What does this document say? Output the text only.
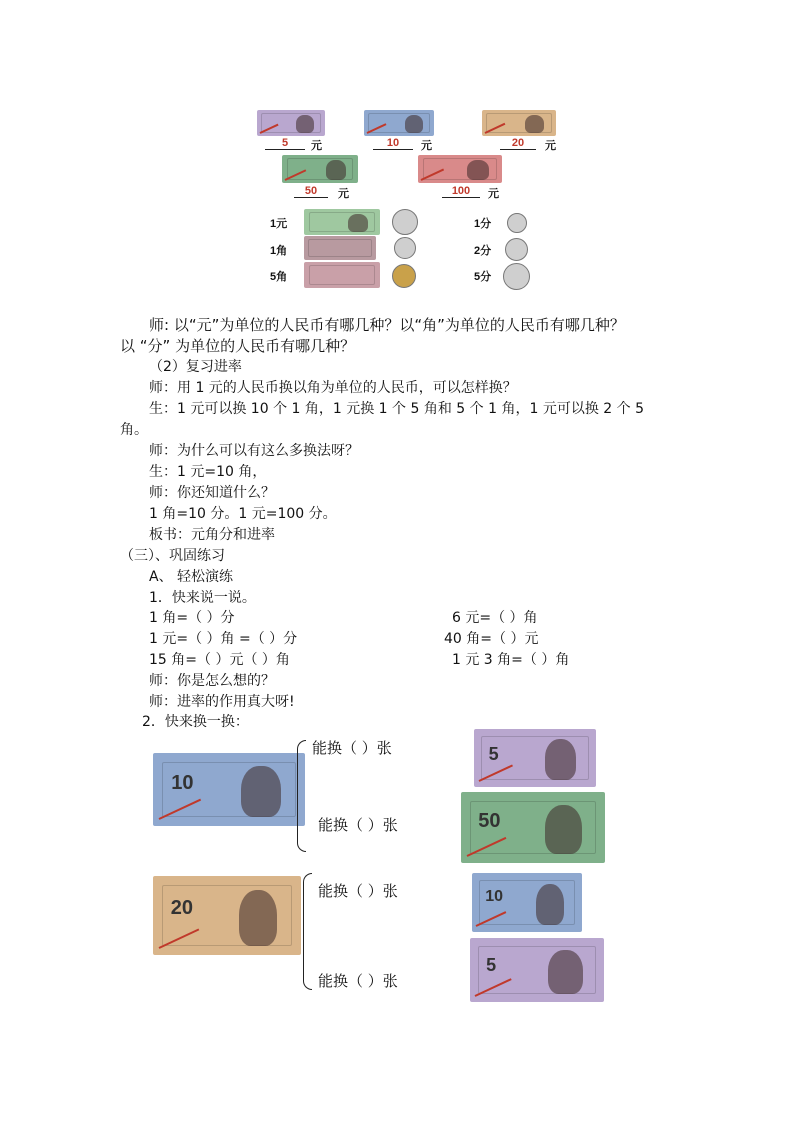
5	元	10	元	20	元
50	元	100	元
1元
1角
5角
1分
2分
5分
师: 以“元”为单位的人民币有哪几种？以“角”为单位的人民币有哪几种？
以 “分” 为单位的人民币有哪几种？
（2）复习进率
师：用 1 元的人民币换以角为单位的人民币，可以怎样换？
生：1 元可以换 10 个 1 角，1 元换 1 个 5 角和 5 个 1 角，1 元可以换 2 个 5
角。
师：为什么可以有这么多换法呀？
生：1 元=10 角，
师：你还知道什么？
1 角=10 分。1 元=100 分。
板书：元角分和进率
（三）、巩固练习
A、 轻松演练
1．快来说一说。
1 角=（ ）分	6 元=（ ）角
1 元=（ ）角 =（ ）分	40 角=（ ）元
15 角=（ ）元（ ）角	1 元 3 角=（ ）角
师：你是怎么想的？
师：进率的作用真大呀!
2．快来换一换：
10
能换（ ）张	5
能换（ ）张	50
20
能换（ ）张	10
能换（ ）张
5
